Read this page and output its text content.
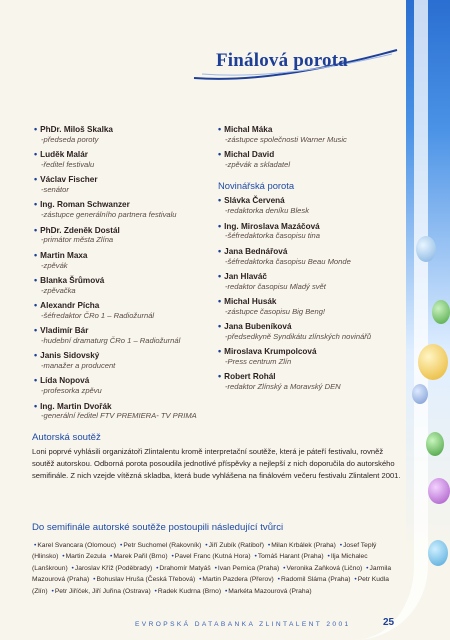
Finálová porota
• PhDr. Miloš Skalka
-předseda poroty
• Luděk Malár
-ředitel festivalu
• Václav Fischer
-senátor
• Ing. Roman Schwanzer
-zástupce generálního partnera festivalu
• PhDr. Zdeněk Dostál
-primátor města Zlína
• Martin Maxa
-zpěvák
• Blanka Šrůmová
-zpěvačka
• Alexandr Pícha
-šéfredaktor ČRo 1 – Radiožurnál
• Vladimír Bár
-hudební dramaturg ČRo 1 – Radiožurnál
• Janis Sidovský
-manažer a producent
• Lída Nopová
-profesorka zpěvu
• Ing. Martin Dvořák
-generální ředitel FTV PREMIERA- TV PRIMA
• Michal Máka
-zástupce společnosti Warner Music
• Michal David
-zpěvák a skladatel
Novinářská porota
• Slávka Červená
-redaktorka deníku Blesk
• Ing. Miroslava Mazáčová
-šéfredaktorka časopisu tina
• Jana Bednářová
-šéfredaktorka časopisu Beau Monde
• Jan Hlaváč
-redaktor časopisu Mladý svět
• Michal Husák
-zástupce časopisu Big Beng!
• Jana Bubeníková
-předsedkyně Syndikátu zlínských novinářů
• Miroslava Krumpolcová
-Press centrum Zlín
• Robert Rohál
-redaktor Zlínský a Moravský DEN
Autorská soutěž
Loni poprvé vyhlásili organizátoři Zlintalentu kromě interpretační soutěže, která je páteří festivalu, rovněž soutěž autorskou. Odborná porota posoudila jednotlivé příspěvky a nejlepší z nich doporučila do autorského semifinále. Z nich vzejde vítězná skladba, která bude vyhlášena na finálovém večeru festivalu Zlintalent 2001.
Do semifinále autorské soutěže postoupili následující tvůrci
• Karel Svancara (Olomouc) • Petr Suchomel (Rakovník) • Jiří Zubík (Ratiboř) • Milan Krbálek (Praha) • Josef Teplý (Hlinsko) • Martin Zezula • Marek Pařil (Brno) • Pavel Franc (Kutná Hora) • Tomáš Harant (Praha) • Ilja Michalec (Lanškroun) • Jaroslav Kříž (Poděbrady) • Drahomír Matyáš • Ivan Pernica (Praha) • Veronika Zaňková (Lično) • Jarmila Mazourová (Praha) • Bohuslav Hruša (Česká Třebová) • Martin Pazdera (Přerov) • Radomil Sláma (Praha) • Petr Kudla (Zlín) • Petr Jiříček, Jiří Juřina (Ostrava) • Radek Kudrna (Brno) • Markéta Mazourová (Praha)
EVROPSKÁ DATABANKA ZLINTALENT 2001	25
